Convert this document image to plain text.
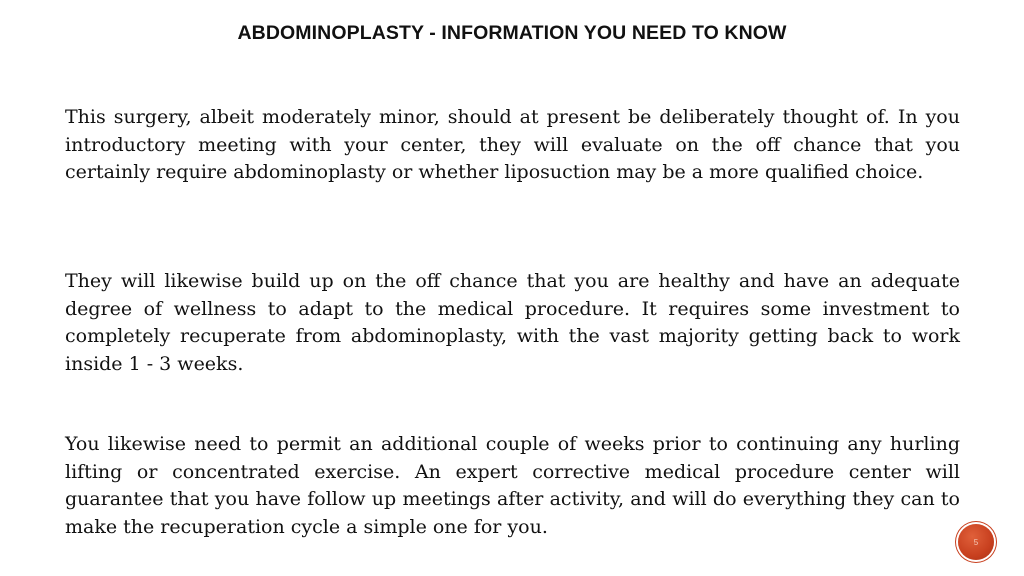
ABDOMINOPLASTY - INFORMATION YOU NEED TO KNOW

This surgery, albeit moderately minor, should at present be deliberately thought of. In you introductory meeting with your center, they will evaluate on the off chance that you certainly require abdominoplasty or whether liposuction may be a more qualified choice.

They will likewise build up on the off chance that you are healthy and have an adequate degree of wellness to adapt to the medical procedure. It requires some investment to completely recuperate from abdominoplasty, with the vast majority getting back to work inside 1 - 3 weeks.

You likewise need to permit an additional couple of weeks prior to continuing any hurling lifting or concentrated exercise. An expert corrective medical procedure center will guarantee that you have follow up meetings after activity, and will do everything they can to make the recuperation cycle a simple one for you.

5
